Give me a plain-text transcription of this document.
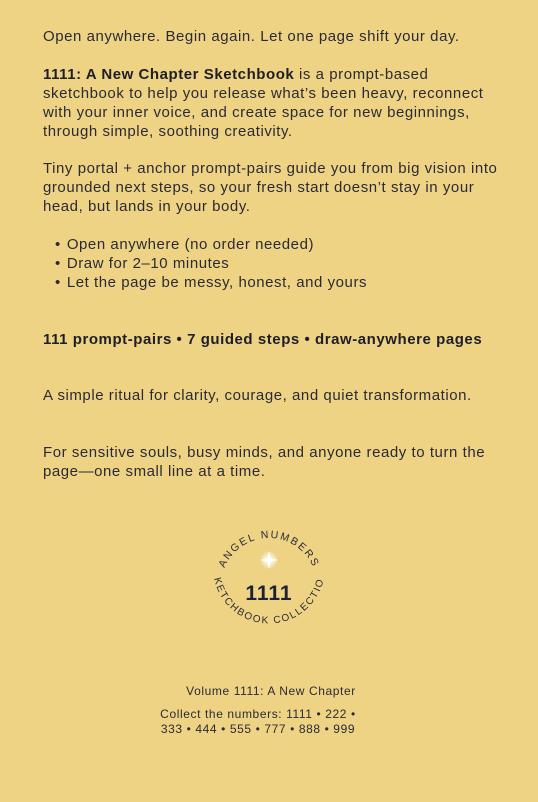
Open anywhere. Begin again. Let one page shift your day.

1111: A New Chapter Sketchbook is a prompt-based sketchbook to help you release what’s been heavy, reconnect with your inner voice, and create space for new beginnings, through simple, soothing creativity.

Tiny portal + anchor prompt-pairs guide you from big vision into grounded next steps, so your fresh start doesn’t stay in your head, but lands in your body.

• Open anywhere (no order needed)
• Draw for 2–10 minutes
• Let the page be messy, honest, and yours

111 prompt-pairs • 7 guided steps • draw-anywhere pages

A simple ritual for clarity, courage, and quiet transformation.

For sensitive souls, busy minds, and anyone ready to turn the page—one small line at a time.

ANGEL NUMBERS
KETCHBOOK COLLECTIO
1111
Volume 1111: A New Chapter
Collect the numbers: 1111 • 222 • 333 • 444 • 555 • 777 • 888 • 999
